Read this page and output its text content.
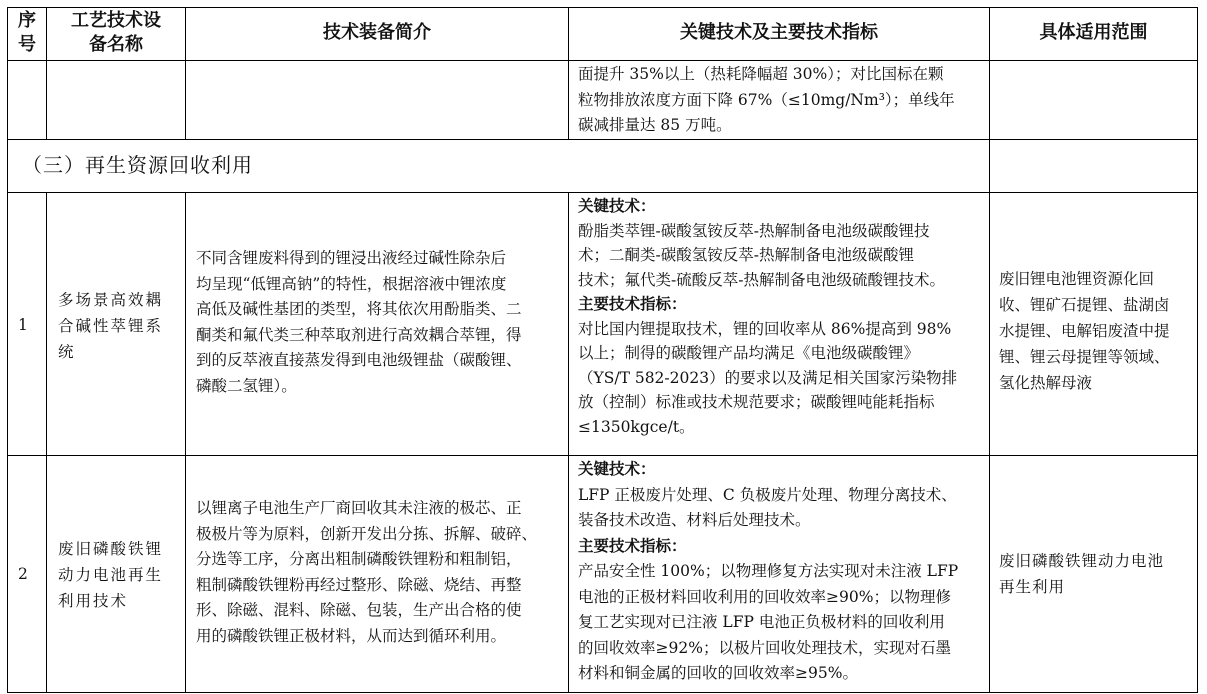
序
号
工艺技术设
备名称
技术装备简介	关键技术及主要技术指标	具体适用范围
面提升 35%以上（热耗降幅超 30%）；对比国标在颗
粒物排放浓度方面下降 67%（≤10mg/Nm³）；单线年
碳减排量达 85 万吨。
（三）再生资源回收利用
1
多场景高效耦
合碱性萃锂系
统
不同含锂废料得到的锂浸出液经过碱性除杂后
均呈现“低锂高钠”的特性，根据溶液中锂浓度
高低及碱性基团的类型，将其依次用酚脂类、二
酮类和氟代类三种萃取剂进行高效耦合萃锂，得
到的反萃液直接蒸发得到电池级锂盐（碳酸锂、
磷酸二氢锂）。
关键技术：
酚脂类萃锂-碳酸氢铵反萃-热解制备电池级碳酸锂技
术；二酮类-碳酸氢铵反萃-热解制备电池级碳酸锂
技术；氟代类-硫酸反萃-热解制备电池级硫酸锂技术。
主要技术指标：
对比国内锂提取技术，锂的回收率从 86%提高到 98%
以上；制得的碳酸锂产品均满足《电池级碳酸锂》
（YS/T 582-2023）的要求以及满足相关国家污染物排
放（控制）标准或技术规范要求；碳酸锂吨能耗指标
≤1350kgce/t。
废旧锂电池锂资源化回
收、锂矿石提锂、盐湖卤
水提锂、电解铝废渣中提
锂、锂云母提锂等领域、
氢化热解母液
2
废旧磷酸铁锂
动力电池再生
利用技术
以锂离子电池生产厂商回收其未注液的极芯、正
极极片等为原料，创新开发出分拣、拆解、破碎、
分选等工序，分离出粗制磷酸铁锂粉和粗制铝，
粗制磷酸铁锂粉再经过整形、除磁、烧结、再整
形、除磁、混料、除磁、包装，生产出合格的使
用的磷酸铁锂正极材料，从而达到循环利用。
关键技术：
LFP 正极废片处理、C 负极废片处理、物理分离技术、
装备技术改造、材料后处理技术。
主要技术指标：
产品安全性 100%；以物理修复方法实现对未注液 LFP
电池的正极材料回收利用的回收效率≥90%；以物理修
复工艺实现对已注液 LFP 电池正负极材料的回收利用
的回收效率≥92%；以极片回收处理技术，实现对石墨
材料和铜金属的回收的回收效率≥95%。
废旧磷酸铁锂动力电池
再生利用
